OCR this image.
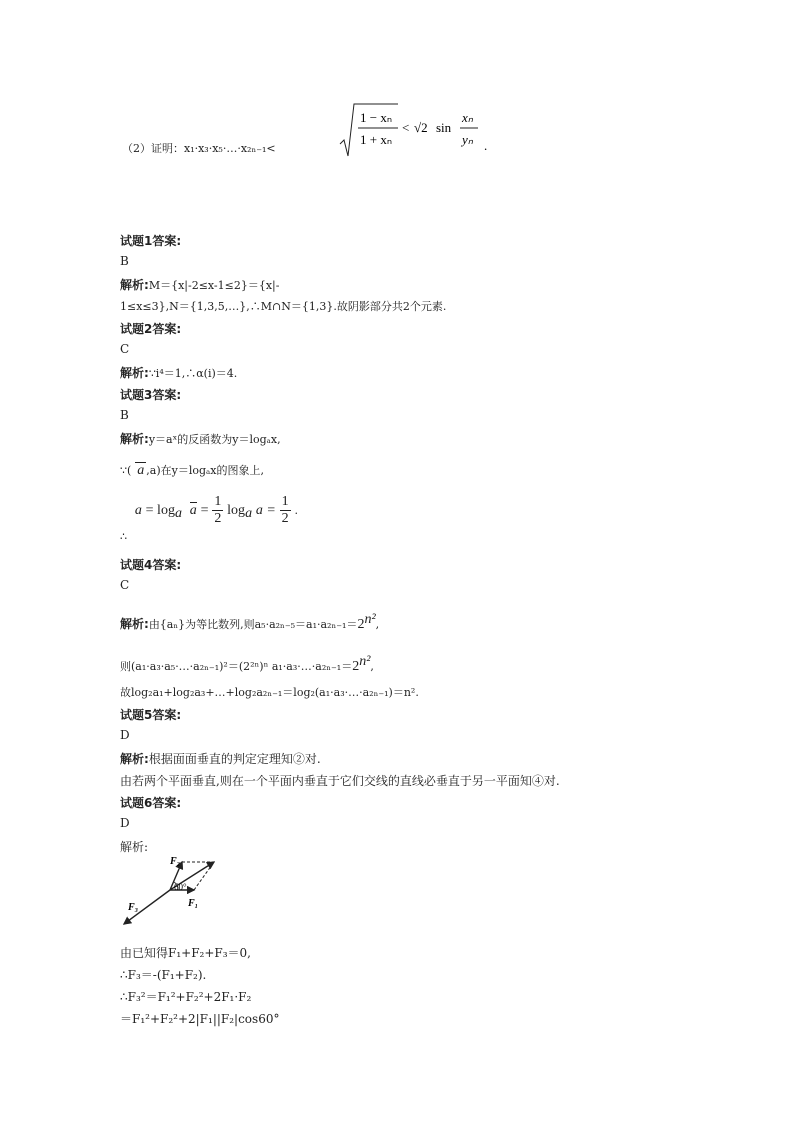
（2）证明：x₁·x₃·x₅·…·x₂ₙ₋₁<
1 − xₙ
1 + xₙ
< √2 sin
xₙ
yₙ .
试题1答案:
B
解析:M＝{x|-2≤x-1≤2}＝{x|-
1≤x≤3},N＝{1,3,5,…},∴M∩N＝{1,3}.故阴影部分共2个元素.
试题2答案:
C
解析:∵i⁴＝1,∴α(i)＝4.
试题3答案:
B
解析:y＝aˣ的反函数为y＝logₐx,
∵( a ,a)在y＝logₐx的图象上,
∴ $a = \log_a a = \frac{1}{2} \log_a a = \frac{1}{2}$ .
试题4答案:
C
解析:由{aₙ}为等比数列,则$a_5\cdot a_{2n-5}=a_1\cdot a_{2n-1}=2^{n^2}$,
则(a₁·a₃·a₅·…·a₂ₙ₋₁)²＝(2²ⁿ)ⁿ $a_1\cdot a_3\cdot\dots\cdot a_{2n-1}=2^{n^2}$,
故log₂a₁+log₂a₃+…+log₂a₂ₙ₋₁＝log₂(a₁·a₃·…·a₂ₙ₋₁)＝n².
试题5答案:
D
解析:根据面面垂直的判定定理知②对.
由若两个平面垂直,则在一个平面内垂直于它们交线的直线必垂直于另一平面知④对.
试题6答案:
D
解析:
F₂
60°
F₁
F₃
由已知得F₁+F₂+F₃＝0,
∴F₃＝-(F₁+F₂).
∴F₃²＝F₁²+F₂²+2F₁·F₂
＝F₁²+F₂²+2|F₁||F₂|cos60°
